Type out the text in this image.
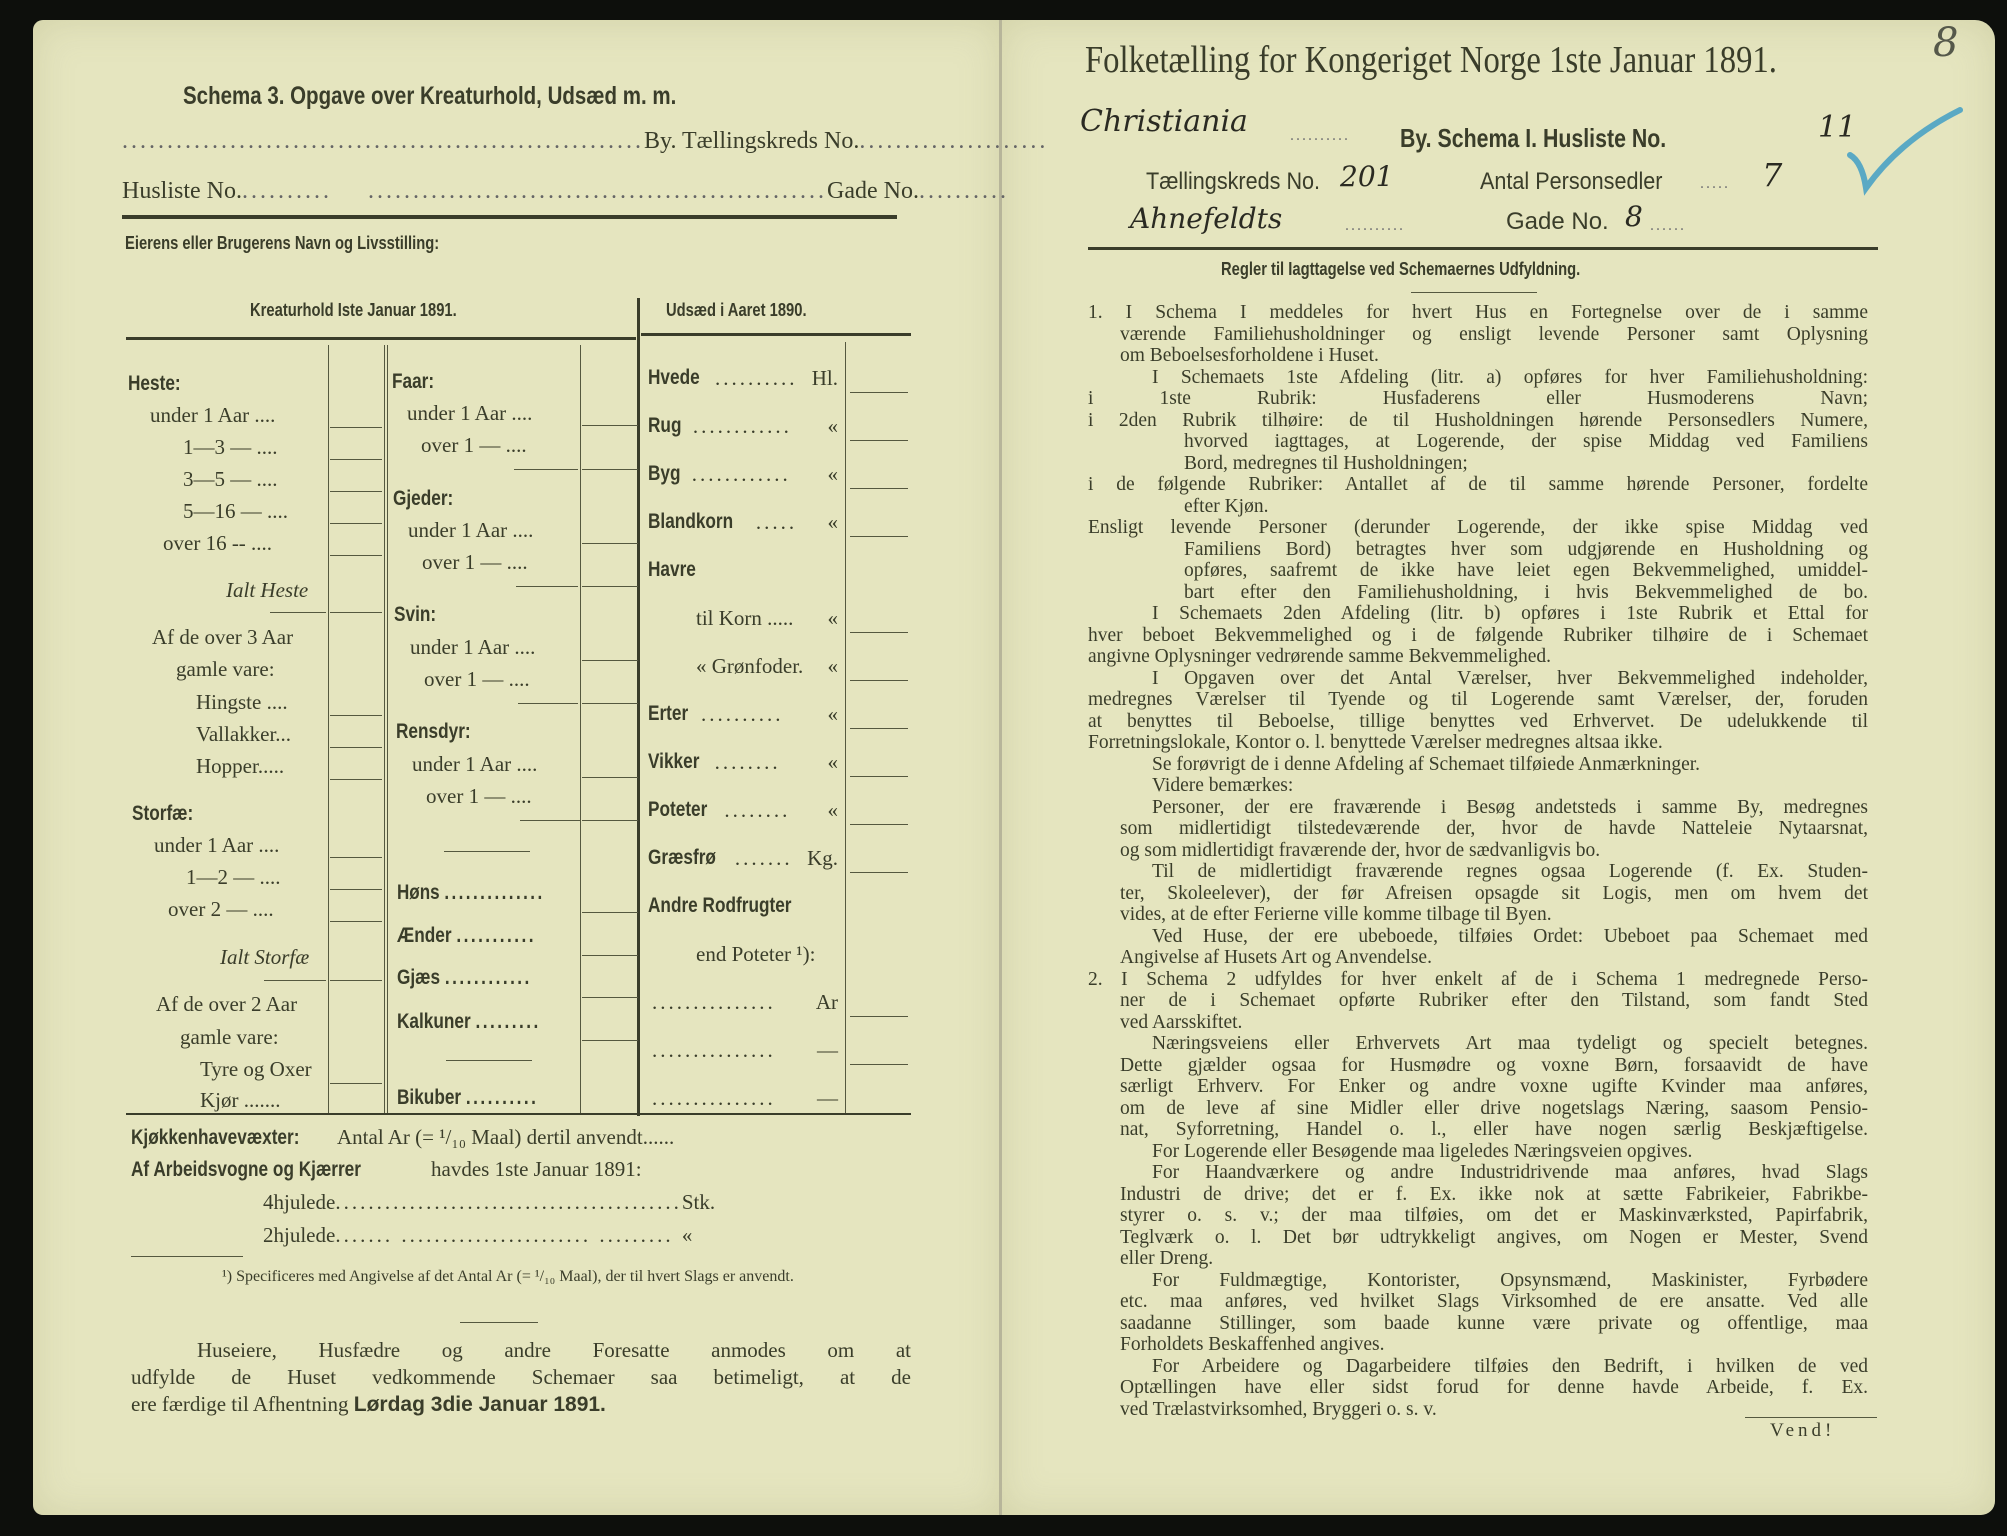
Schema 3. Opgave over Kreaturhold, Udsæd m. m.
..........................................................By. Tællingskreds No......................
Husliste No........... ...................................................Gade No...........
Eierens eller Brugerens Navn og Livsstilling:
Kreaturhold Iste Januar 1891.	Udsæd i Aaret 1890.
Heste:
under 1 Aar ....
1—3 — ....
3—5 — ....
5—16 — ....
over 16 -- ....
Ialt Heste
Af de over 3 Aar
gamle vare:
Hingste ....
Vallakker...
Hopper.....
Storfæ:
under 1 Aar ....
1—2 — ....
over 2 — ....
Ialt Storfæ
Af de over 2 Aar
gamle vare:
Tyre og Oxer
Kjør .......
Faar:
under 1 Aar ....
over 1 — ....
Gjeder:
under 1 Aar ....
over 1 — ....
Svin:
under 1 Aar ....
over 1 — ....
Rensdyr:
under 1 Aar ....
over 1 — ....
Høns ..............
Ænder ...........
Gjæs ............
Kalkuner .........
Bikuber ..........
Hvede .......... Hl.
Rug ............	«
Byg ............	«
Blandkorn .....	«
Havre
til Korn ..... «
« Grønfoder. «
Erter ..........	«
Vikker ........	«
Poteter ........	«
Græsfrø ....... Kg.
Andre Rodfrugter
end Poteter ¹):
...............	Ar
...............	—
...............	—
Kjøkkenhavevæxter: Antal Ar (= ¹/₁₀ Maal) dertil anvendt......
Af Arbeidsvogne og Kjærrer	havdes 1ste Januar 1891:
4hjulede..........................................Stk.
2hjulede....... ....................... ......... «
¹) Specificeres med Angivelse af det Antal Ar (= ¹/₁₀ Maal), der til hvert Slags er anvendt.
Huseiere, Husfædre og andre Foresatte anmodes om at
udfylde de Huset vedkommende Schemaer saa betimeligt, at de
ere færdige til Afhentning Lørdag 3die Januar 1891.
Folketælling for Kongeriget Norge 1ste Januar 1891.
Christiania	.......... By. Schema I. Husliste No.	11
Tællingskreds No. 201	Antal Personsedler	..... 7
Ahnefeldts	..........	Gade No. 8 ......
8
Regler til Iagttagelse ved Schemaernes Udfyldning.
1. I Schema I meddeles for hvert Hus en Fortegnelse over de i samme
værende Familiehusholdninger og ensligt levende Personer samt Oplysning
om Beboelsesforholdene i Huset.
I Schemaets 1ste Afdeling (litr. a) opføres for hver Familiehusholdning:
i 1ste Rubrik: Husfaderens eller Husmoderens Navn;
i 2den Rubrik tilhøire: de til Husholdningen hørende Personsedlers Numere,
hvorved iagttages, at Logerende, der spise Middag ved Familiens
Bord, medregnes til Husholdningen;
i de følgende Rubriker: Antallet af de til samme hørende Personer, fordelte
efter Kjøn.
Ensligt levende Personer (derunder Logerende, der ikke spise Middag ved
Familiens Bord) betragtes hver som udgjørende en Husholdning og
opføres, saafremt de ikke have leiet egen Bekvemmelighed, umiddel-
bart efter den Familiehusholdning, i hvis Bekvemmelighed de bo.
I Schemaets 2den Afdeling (litr. b) opføres i 1ste Rubrik et Ettal for
hver beboet Bekvemmelighed og i de følgende Rubriker tilhøire de i Schemaet
angivne Oplysninger vedrørende samme Bekvemmelighed.
I Opgaven over det Antal Værelser, hver Bekvemmelighed indeholder,
medregnes Værelser til Tyende og til Logerende samt Værelser, der, foruden
at benyttes til Beboelse, tillige benyttes ved Erhvervet. De udelukkende til
Forretningslokale, Kontor o. l. benyttede Værelser medregnes altsaa ikke.
Se forøvrigt de i denne Afdeling af Schemaet tilføiede Anmærkninger.
Videre bemærkes:
Personer, der ere fraværende i Besøg andetsteds i samme By, medregnes
som midlertidigt tilstedeværende der, hvor de havde Natteleie Nytaarsnat,
og som midlertidigt fraværende der, hvor de sædvanligvis bo.
Til de midlertidigt fraværende regnes ogsaa Logerende (f. Ex. Studen-
ter, Skoleelever), der før Afreisen opsagde sit Logis, men om hvem det
vides, at de efter Ferierne ville komme tilbage til Byen.
Ved Huse, der ere ubeboede, tilføies Ordet: Ubeboet paa Schemaet med
Angivelse af Husets Art og Anvendelse.
2. I Schema 2 udfyldes for hver enkelt af de i Schema 1 medregnede Perso-
ner de i Schemaet opførte Rubriker efter den Tilstand, som fandt Sted
ved Aarsskiftet.
Næringsveiens eller Erhvervets Art maa tydeligt og specielt betegnes.
Dette gjælder ogsaa for Husmødre og voxne Børn, forsaavidt de have
særligt Erhverv. For Enker og andre voxne ugifte Kvinder maa anføres,
om de leve af sine Midler eller drive nogetslags Næring, saasom Pensio-
nat, Syforretning, Handel o. l., eller have nogen særlig Beskjæftigelse.
For Logerende eller Besøgende maa ligeledes Næringsveien opgives.
For Haandværkere og andre Industridrivende maa anføres, hvad Slags
Industri de drive; det er f. Ex. ikke nok at sætte Fabrikeier, Fabrikbe-
styrer o. s. v.; der maa tilføies, om det er Maskinværksted, Papirfabrik,
Teglværk o. l. Det bør udtrykkeligt angives, om Nogen er Mester, Svend
eller Dreng.
For Fuldmægtige, Kontorister, Opsynsmænd, Maskinister, Fyrbødere
etc. maa anføres, ved hvilket Slags Virksomhed de ere ansatte. Ved alle
saadanne Stillinger, som baade kunne være private og offentlige, maa
Forholdets Beskaffenhed angives.
For Arbeidere og Dagarbeidere tilføies den Bedrift, i hvilken de ved
Optællingen have eller sidst forud for denne havde Arbeide, f. Ex.
ved Trælastvirksomhed, Bryggeri o. s. v.
Vend!
